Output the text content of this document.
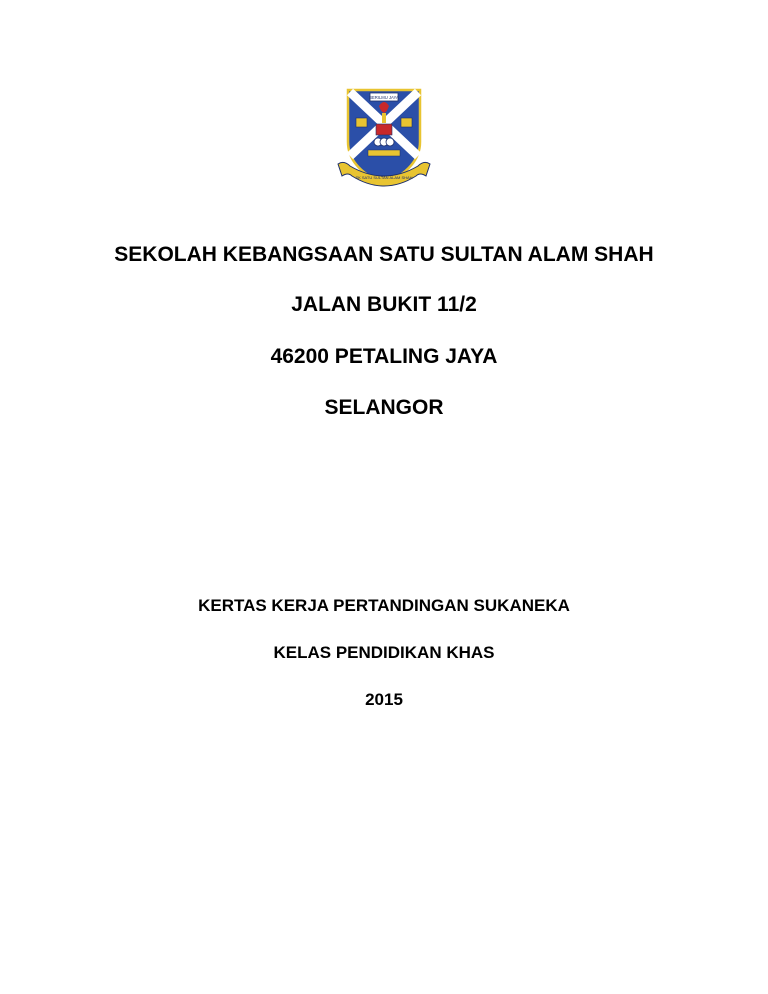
BERILMU JAYA
SK SATU SULTAN ALAM SHAH
SEKOLAH KEBANGSAAN SATU SULTAN ALAM SHAH
JALAN BUKIT 11/2
46200 PETALING JAYA
SELANGOR
KERTAS KERJA PERTANDINGAN SUKANEKA
KELAS PENDIDIKAN KHAS
2015
